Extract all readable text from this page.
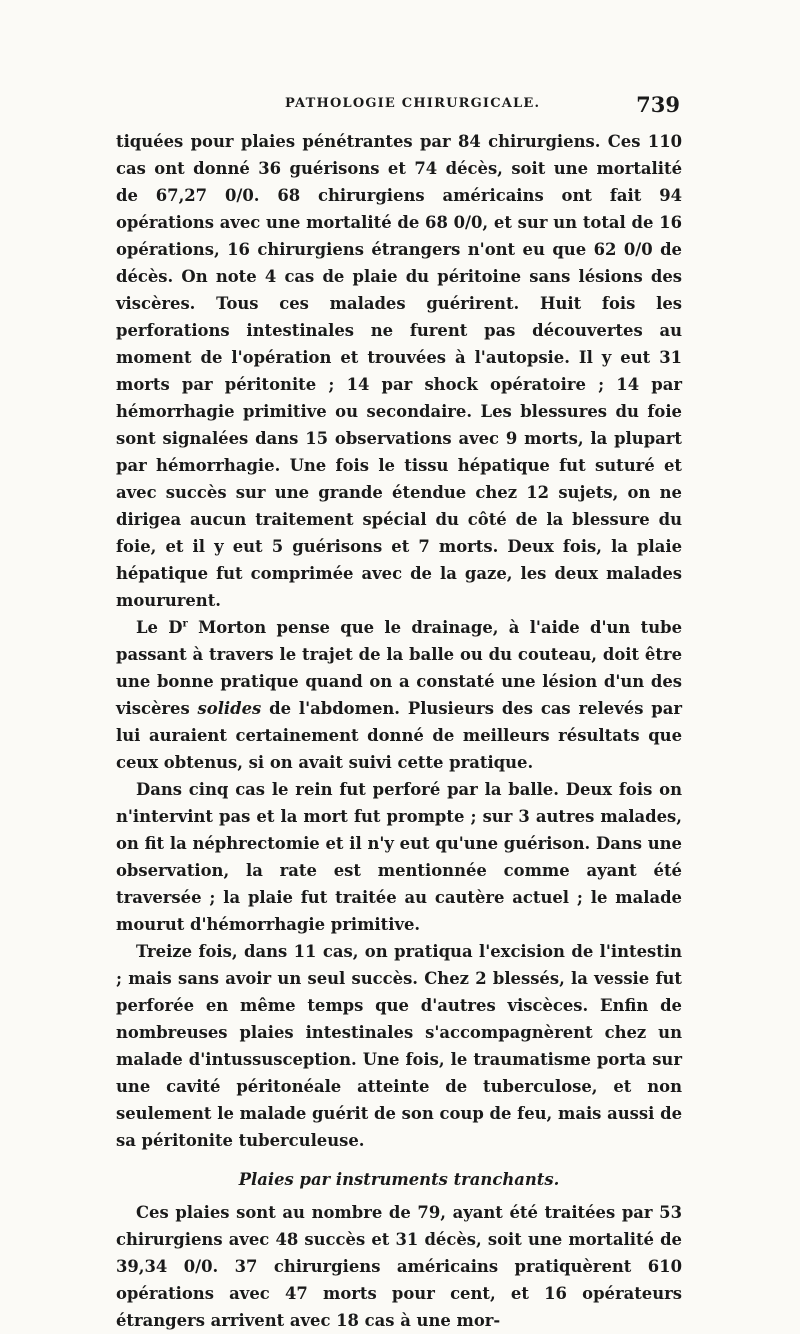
PATHOLOGIE CHIRURGICALE.	739

tiquées pour plaies pénétrantes par 84 chirurgiens. Ces 110 cas ont donné 36 guérisons et 74 décès, soit une mortalité de 67,27 0/0. 68 chirurgiens américains ont fait 94 opérations avec une mortalité de 68 0/0, et sur un total de 16 opérations, 16 chirurgiens étrangers n'ont eu que 62 0/0 de décès. On note 4 cas de plaie du péritoine sans lésions des viscères. Tous ces malades guérirent. Huit fois les perforations intestinales ne furent pas découvertes au moment de l'opération et trouvées à l'autopsie. Il y eut 31 morts par péritonite ; 14 par shock opératoire ; 14 par hémorrhagie primitive ou secondaire. Les blessures du foie sont signalées dans 15 observations avec 9 morts, la plupart par hémorrhagie. Une fois le tissu hépatique fut suturé et avec succès sur une grande étendue chez 12 sujets, on ne dirigea aucun traitement spécial du côté de la blessure du foie, et il y eut 5 guérisons et 7 morts. Deux fois, la plaie hépatique fut comprimée avec de la gaze, les deux malades moururent.

Le $D^r$ Morton pense que le drainage, à l'aide d'un tube passant à travers le trajet de la balle ou du couteau, doit être une bonne pratique quand on a constaté une lésion d'un des viscères solides de l'abdomen. Plusieurs des cas relevés par lui auraient certainement donné de meilleurs résultats que ceux obtenus, si on avait suivi cette pratique.

Dans cinq cas le rein fut perforé par la balle. Deux fois on n'intervint pas et la mort fut prompte ; sur 3 autres malades, on fit la néphrectomie et il n'y eut qu'une guérison. Dans une observation, la rate est mentionnée comme ayant été traversée ; la plaie fut traitée au cautère actuel ; le malade mourut d'hémorrhagie primitive.

Treize fois, dans 11 cas, on pratiqua l'excision de l'intestin ; mais sans avoir un seul succès. Chez 2 blessés, la vessie fut perforée en même temps que d'autres viscèces. Enfin de nombreuses plaies intestinales s'accompagnèrent chez un malade d'intussusception. Une fois, le traumatisme porta sur une cavité péritonéale atteinte de tuberculose, et non seulement le malade guérit de son coup de feu, mais aussi de sa péritonite tuberculeuse.

Plaies par instruments tranchants.

Ces plaies sont au nombre de 79, ayant été traitées par 53 chirurgiens avec 48 succès et 31 décès, soit une mortalité de 39,34 0/0. 37 chirurgiens américains pratiquèrent 610 opérations avec 47 morts pour cent, et 16 opérateurs étrangers arrivent avec 18 cas à une mor-
